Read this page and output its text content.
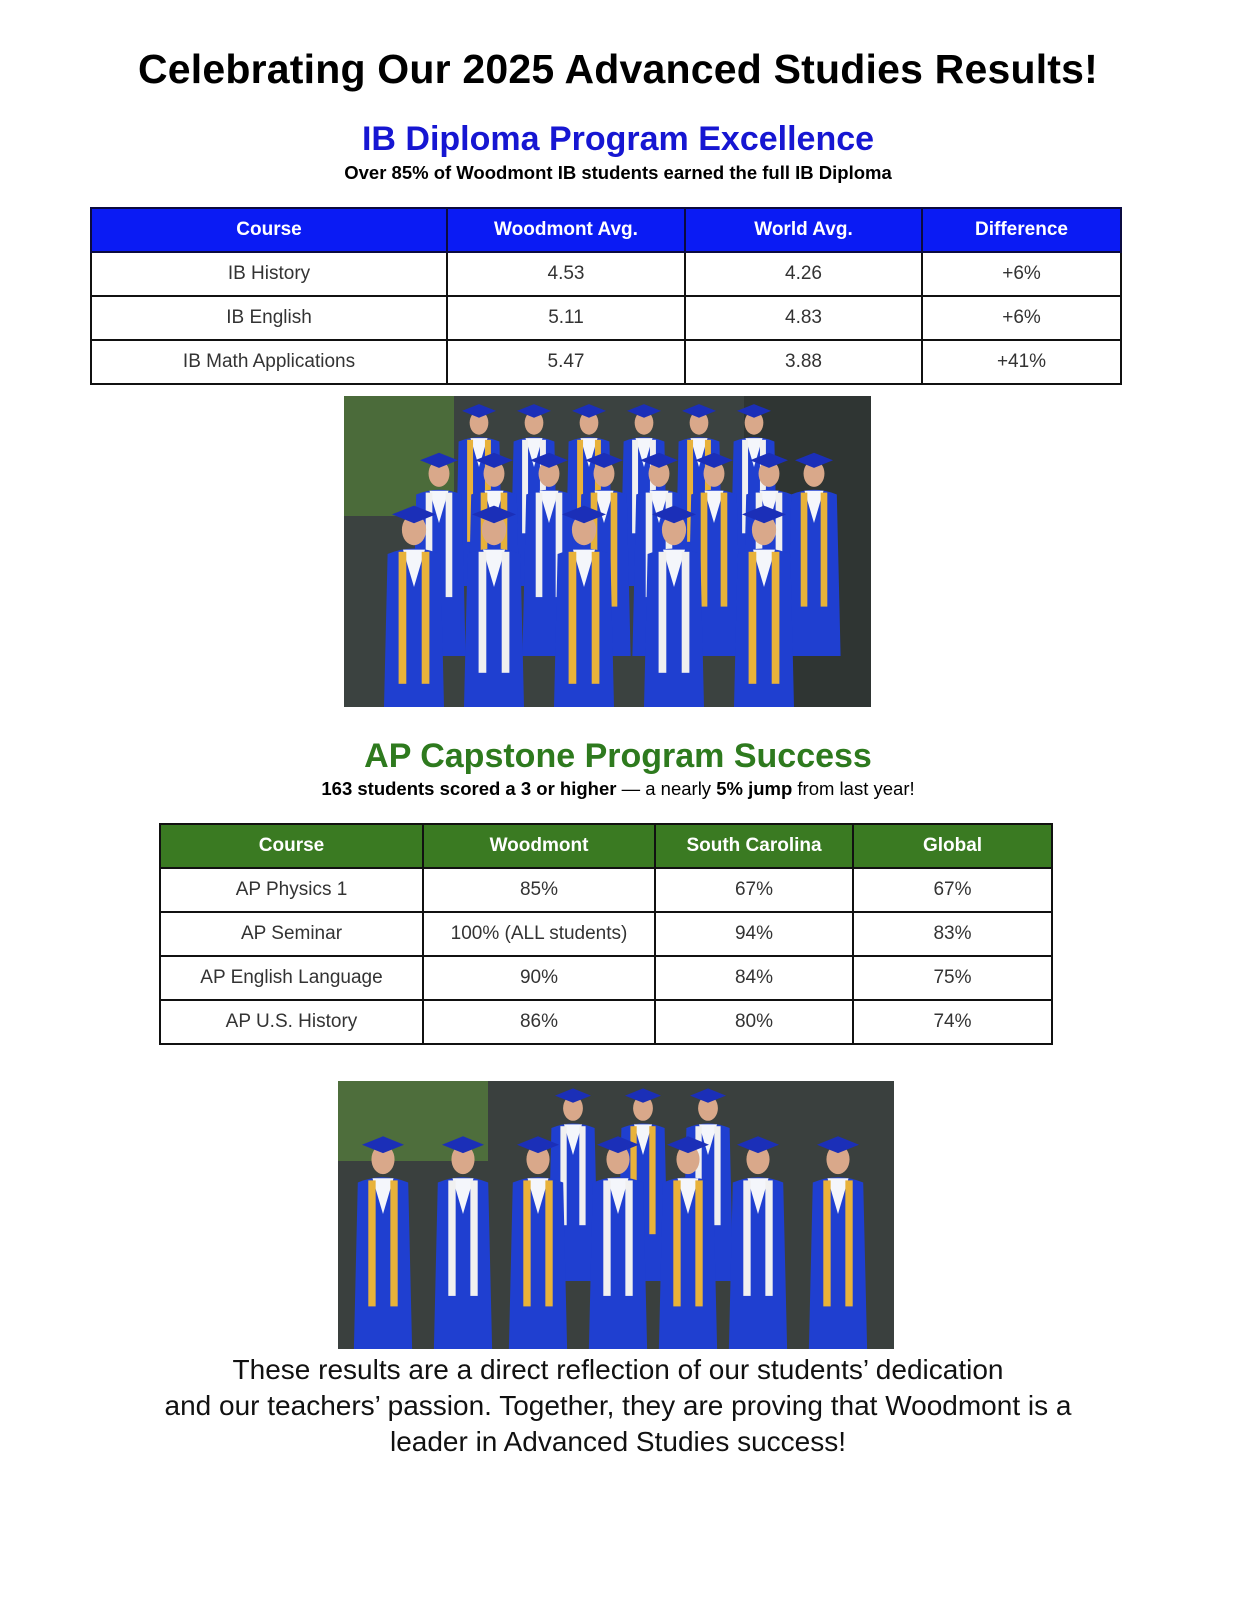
Celebrating Our 2025 Advanced Studies Results!
IB Diploma Program Excellence
Over 85% of Woodmont IB students earned the full IB Diploma
Course	Woodmont Avg.	World Avg.	Difference
IB History	4.53	4.26	+6%
IB English	5.11	4.83	+6%
IB Math Applications	5.47	3.88	+41%
AP Capstone Program Success
163 students scored a 3 or higher — a nearly 5% jump from last year!
Course	Woodmont	South Carolina	Global
AP Physics 1	85%	67%	67%
AP Seminar	100% (ALL students)	94%	83%
AP English Language	90%	84%	75%
AP U.S. History	86%	80%	74%
These results are a direct reflection of our students’ dedication
and our teachers’ passion. Together, they are proving that Woodmont is a
leader in Advanced Studies success!
